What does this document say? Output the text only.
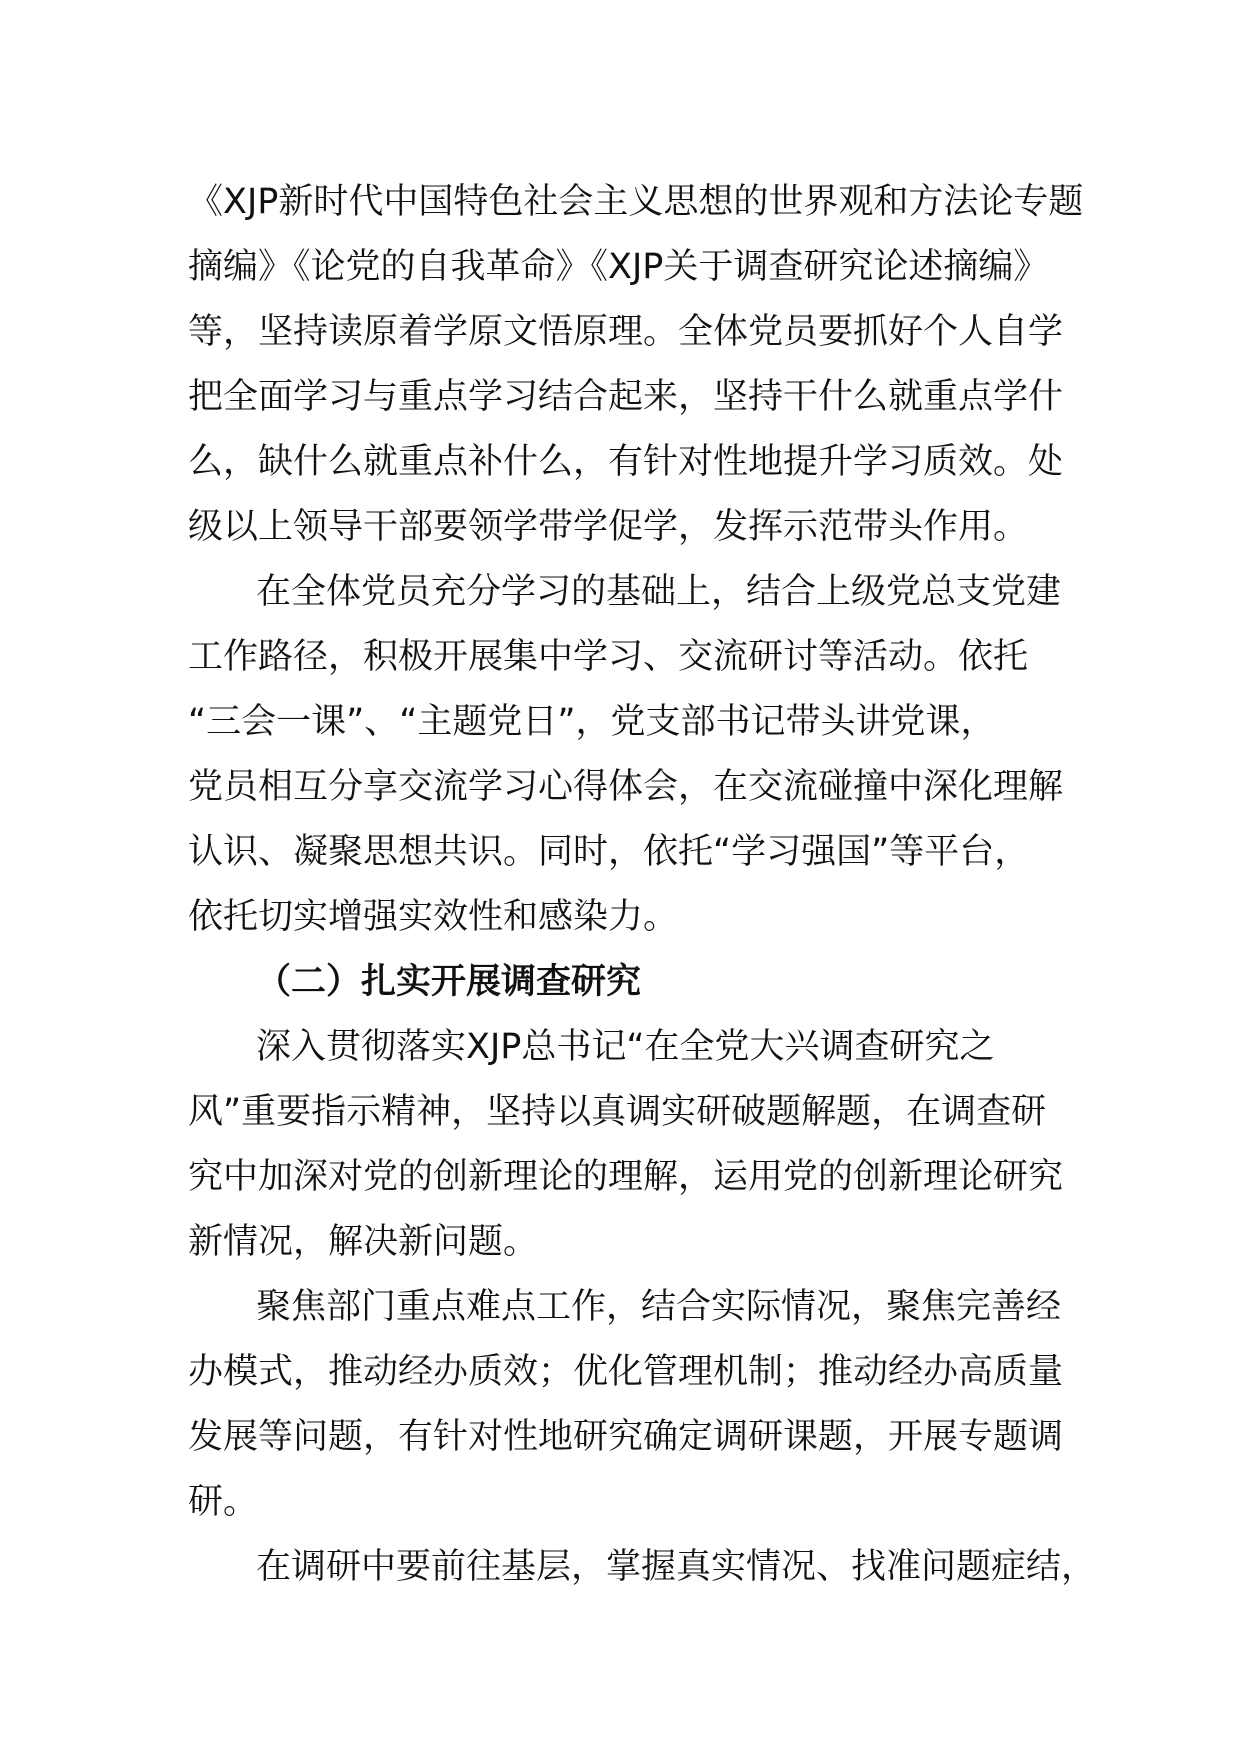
《XJP新时代中国特色社会主义思想的世界观和方法论专题
摘编》《论党的自我革命》《XJP关于调查研究论述摘编》
等，坚持读原着学原文悟原理。全体党员要抓好个人自学
把全面学习与重点学习结合起来，坚持干什么就重点学什
么，缺什么就重点补什么，有针对性地提升学习质效。处
级以上领导干部要领学带学促学，发挥示范带头作用。
在全体党员充分学习的基础上，结合上级党总支党建
工作路径，积极开展集中学习、交流研讨等活动。依托
“三会一课”、“主题党日”，党支部书记带头讲党课，
党员相互分享交流学习心得体会，在交流碰撞中深化理解
认识、凝聚思想共识。同时，依托“学习强国”等平台，
依托切实增强实效性和感染力。
（二）扎实开展调查研究
深入贯彻落实XJP总书记“在全党大兴调查研究之
风”重要指示精神，坚持以真调实研破题解题，在调查研
究中加深对党的创新理论的理解，运用党的创新理论研究
新情况，解决新问题。
聚焦部门重点难点工作，结合实际情况，聚焦完善经
办模式，推动经办质效；优化管理机制；推动经办高质量
发展等问题，有针对性地研究确定调研课题，开展专题调
研。
在调研中要前往基层，掌握真实情况、找准问题症结，
